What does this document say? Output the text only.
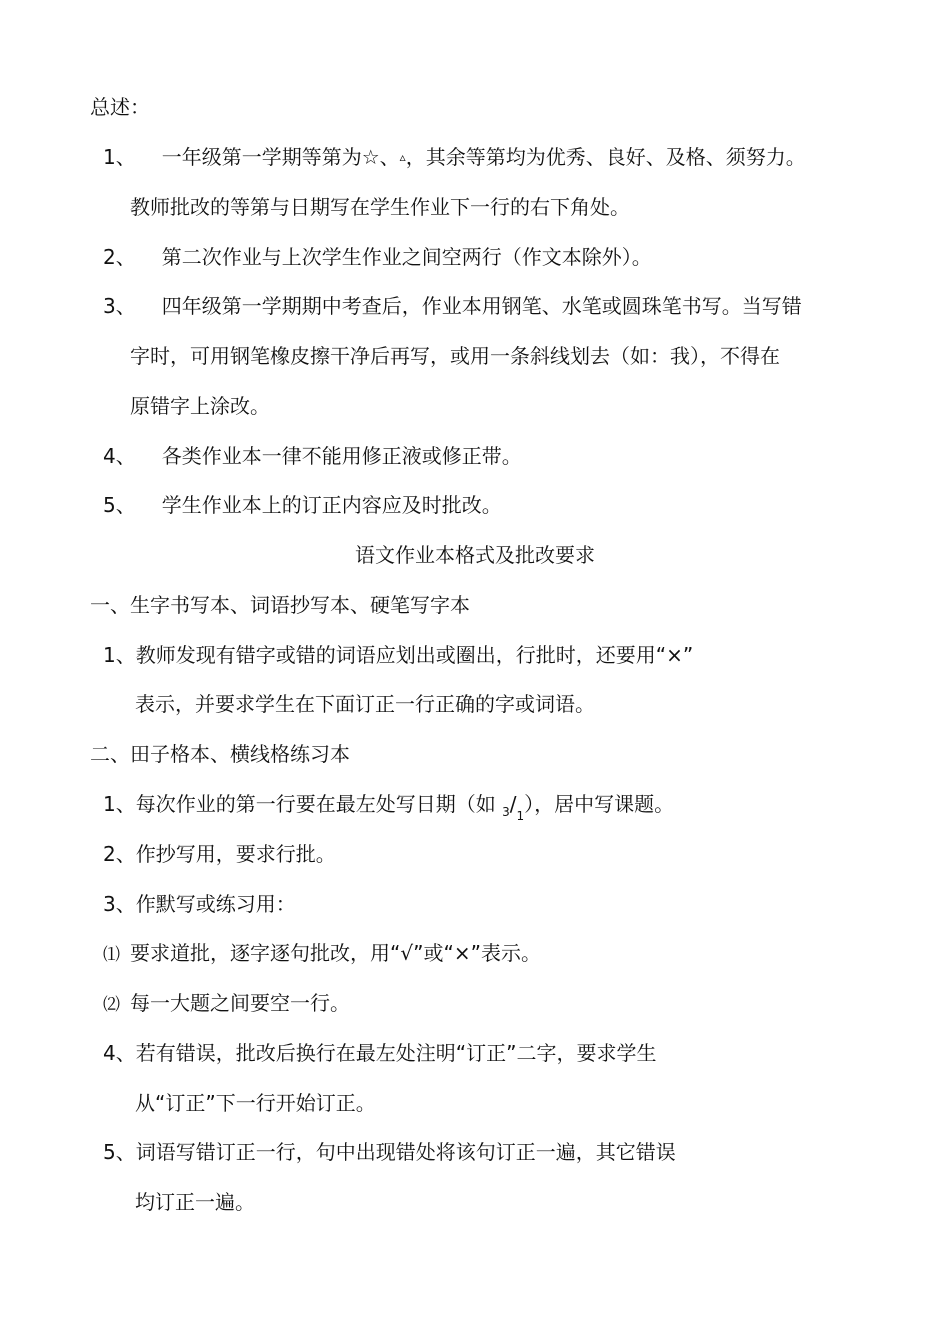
总述：
1、 一年级第一学期等第为☆、▵，其余等第均为优秀、良好、及格、须努力。
教师批改的等第与日期写在学生作业下一行的右下角处。
2、 第二次作业与上次学生作业之间空两行（作文本除外）。
3、 四年级第一学期期中考查后，作业本用钢笔、水笔或圆珠笔书写。当写错
字时，可用钢笔橡皮擦干净后再写，或用一条斜线划去（如：我），不得在
原错字上涂改。
4、 各类作业本一律不能用修正液或修正带。
5、 学生作业本上的订正内容应及时批改。
语文作业本格式及批改要求
一、生字书写本、词语抄写本、硬笔写字本
1、教师发现有错字或错的词语应划出或圈出，行批时，还要用“×”
表示，并要求学生在下面订正一行正确的字或词语。
二、田子格本、横线格练习本
1、每次作业的第一行要在最左处写日期（如 $_3/_1$），居中写课题。
2、作抄写用，要求行批。
3、作默写或练习用：
⑴ 要求道批，逐字逐句批改，用“√”或“×”表示。
⑵ 每一大题之间要空一行。
4、若有错误，批改后换行在最左处注明“订正”二字，要求学生
从“订正”下一行开始订正。
5、词语写错订正一行，句中出现错处将该句订正一遍，其它错误
均订正一遍。
